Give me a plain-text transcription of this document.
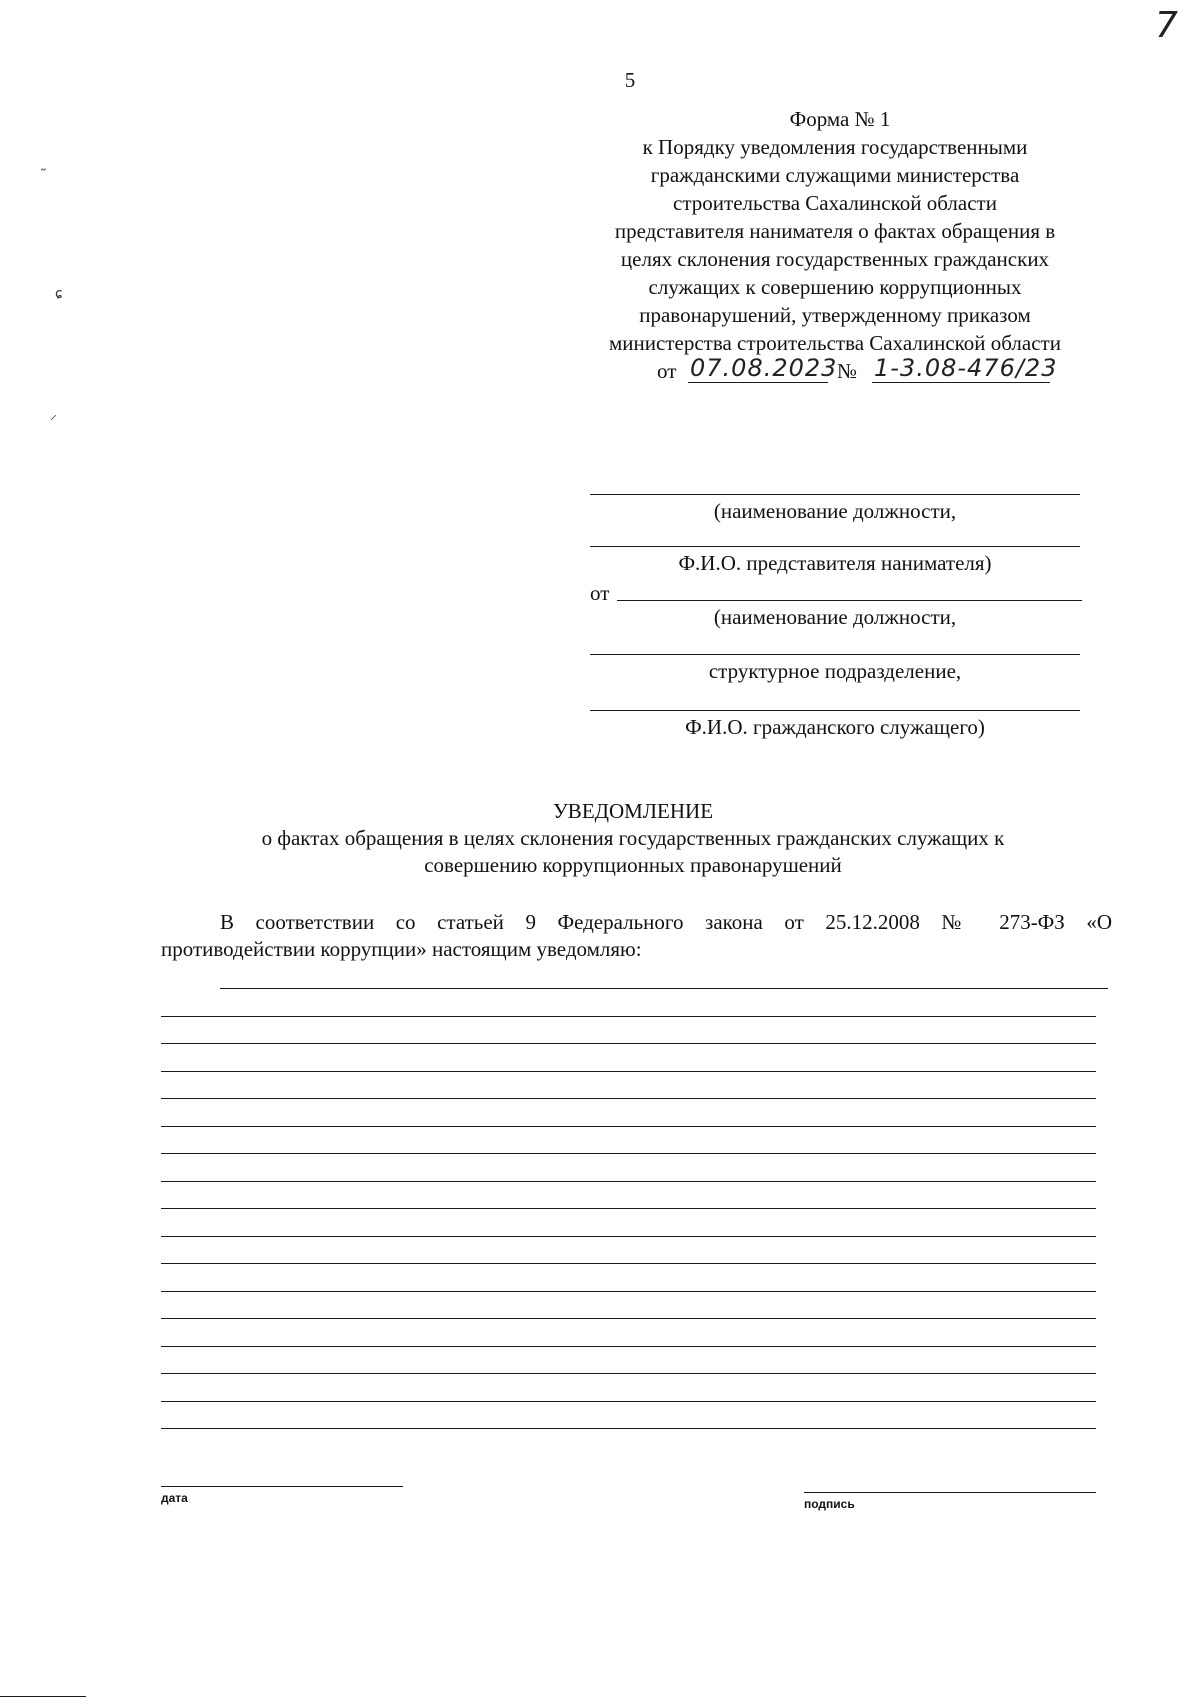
7
5
Форма № 1
к Порядку уведомления государственными
гражданскими служащими министерства
строительства Сахалинской области
представителя нанимателя о фактах обращения в
целях склонения государственных гражданских
служащих к совершению коррупционных
правонарушений, утвержденному приказом
министерства строительства Сахалинской области
от 07.08.2023 № 1-3.08-476/23
(наименование должности,
Ф.И.О. представителя нанимателя)
от
(наименование должности,
структурное подразделение,
Ф.И.О. гражданского служащего)
УВЕДОМЛЕНИЕ
о фактах обращения в целях склонения государственных гражданских служащих к
совершению коррупционных правонарушений
В соответствии со статьей 9 Федерального закона от 25.12.2008 № 273-ФЗ «О
противодействии коррупции» настоящим уведомляю:
дата	подпись
˷
ɕ
⸝
